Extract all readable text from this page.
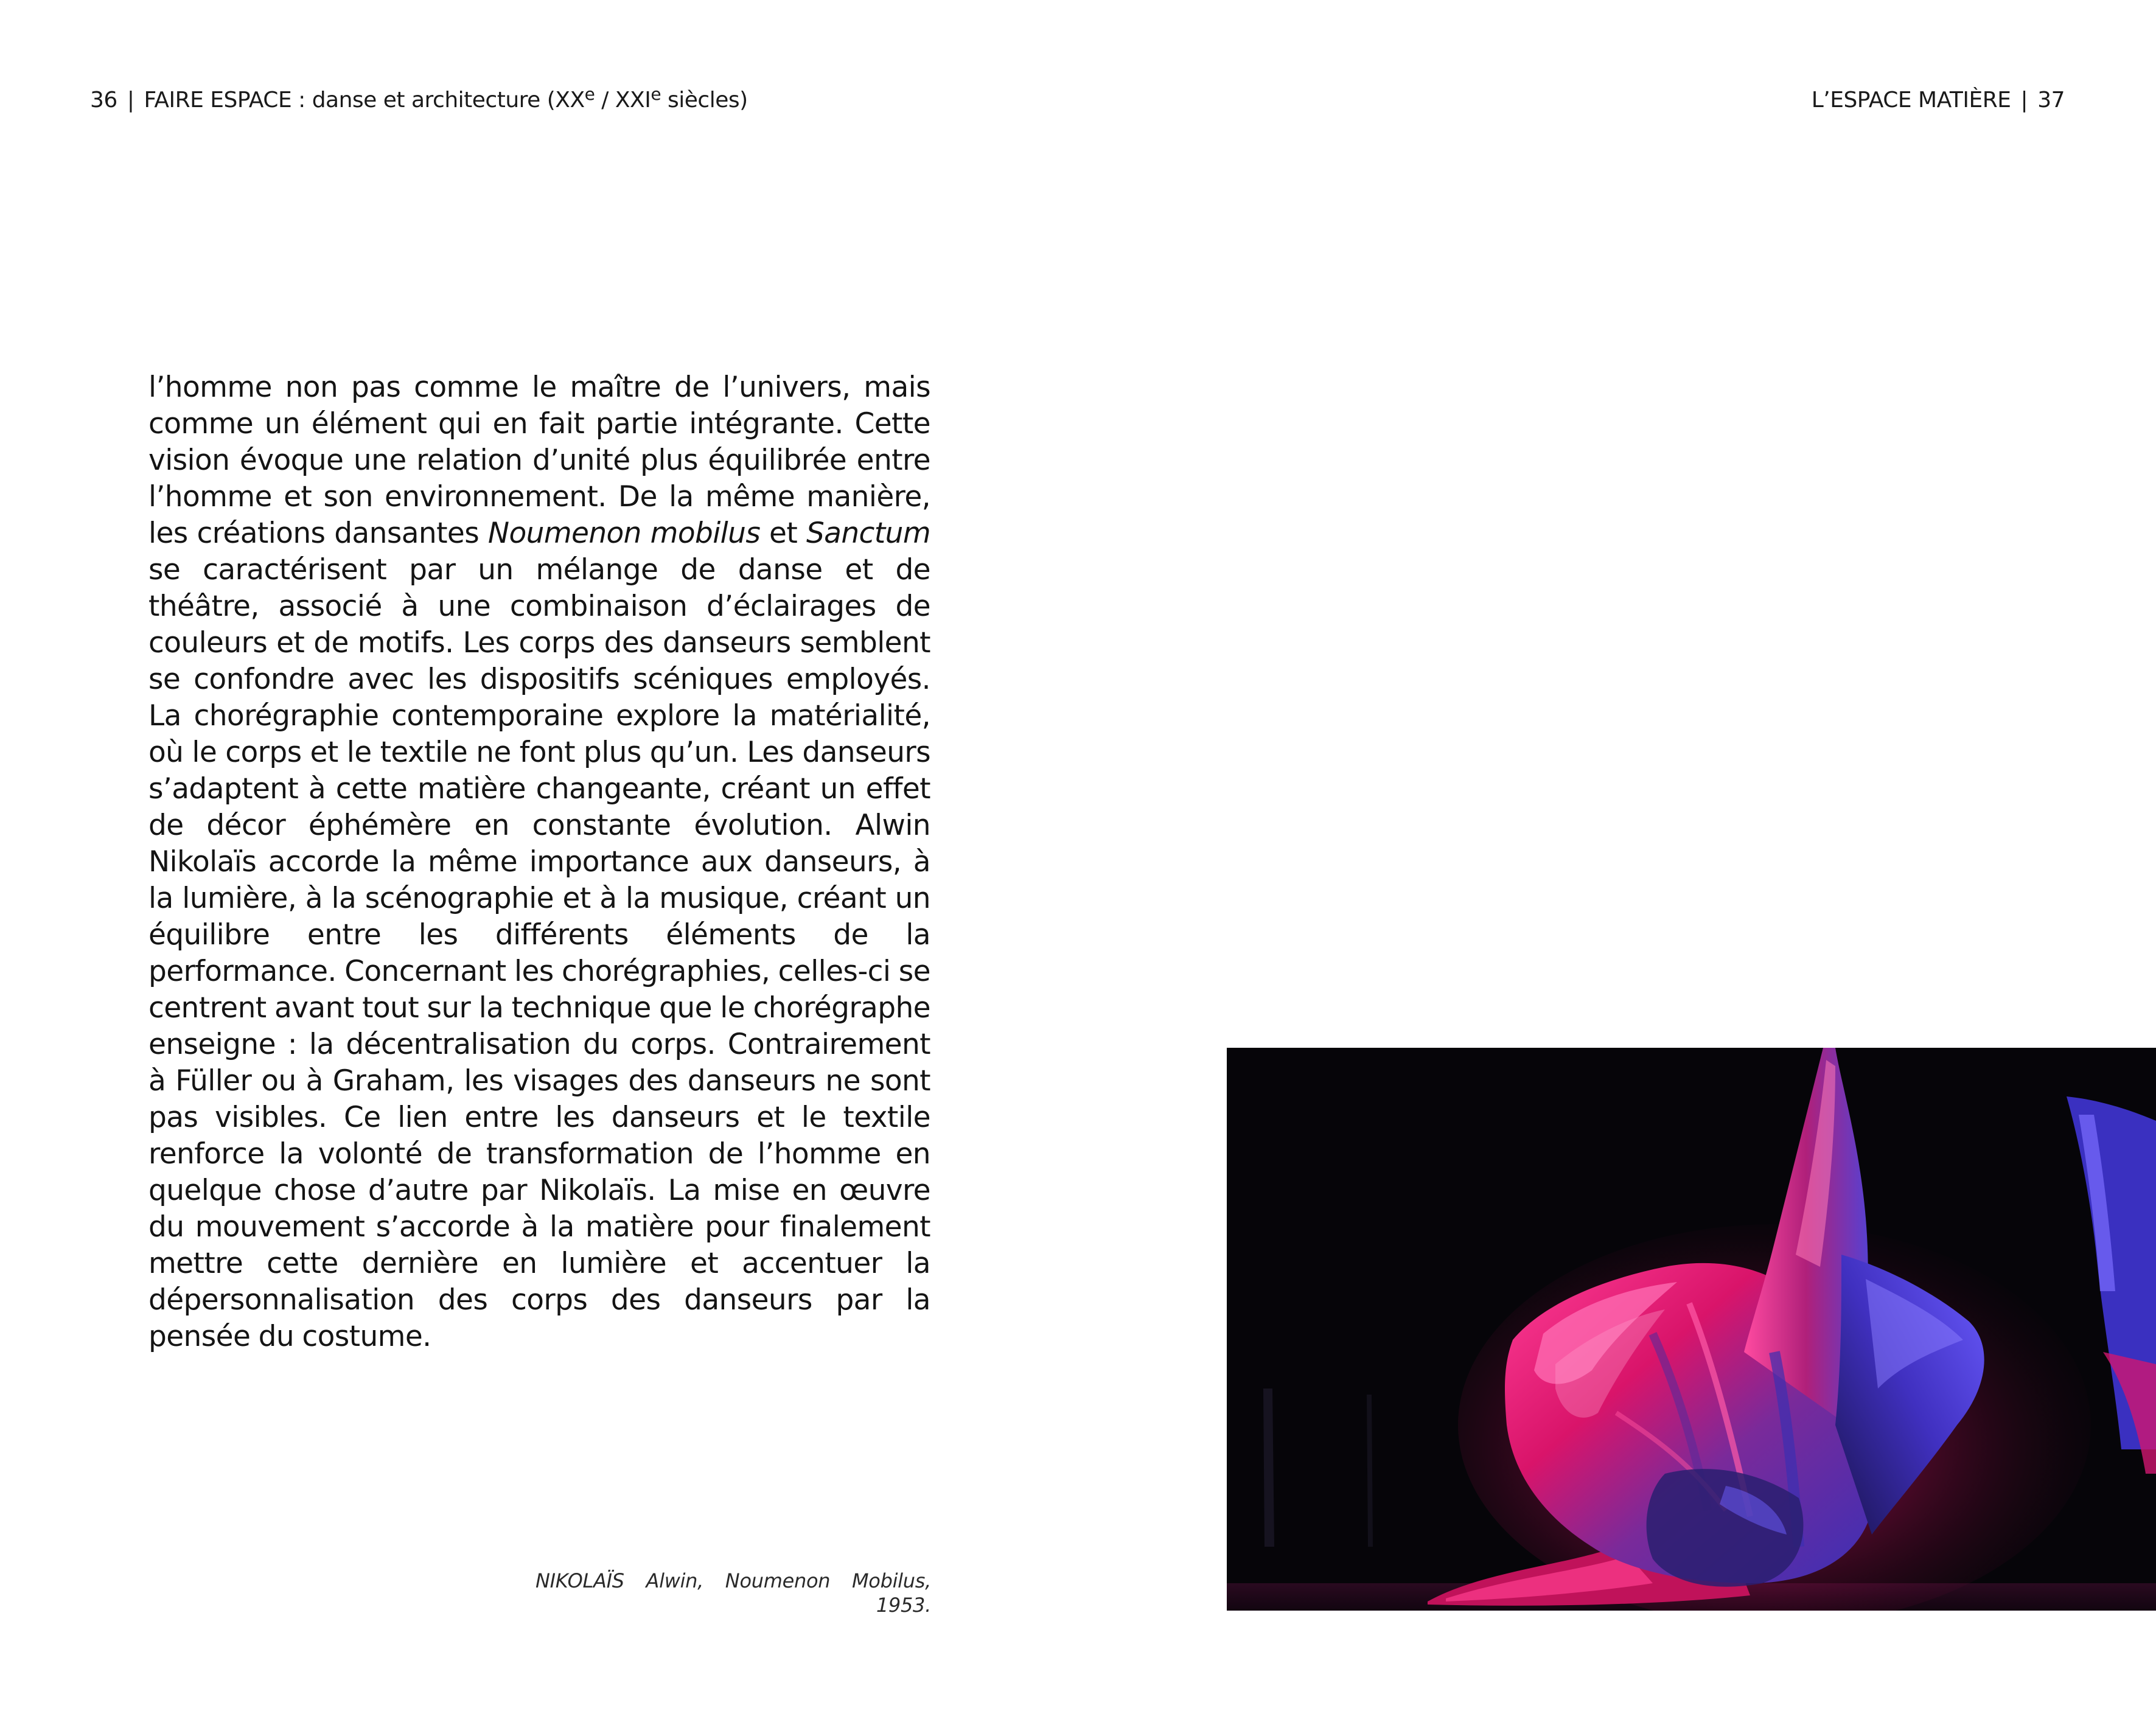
36 | FAIRE ESPACE : danse et architecture (XXe / XXIe siècles)	L’ESPACE MATIÈRE | 37

l’homme non pas comme le maître de l’univers, mais comme un élément qui en fait partie intégrante. Cette vision évoque une relation d’unité plus équilibrée entre l’homme et son environnement. De la même manière, les créations dansantes Noumenon mobilus et Sanctum se caractérisent par un mélange de danse et de théâtre, associé à une combinaison d’éclairages de couleurs et de motifs. Les corps des danseurs semblent se confondre avec les dispositifs scéniques employés. La chorégraphie contemporaine explore la matérialité, où le corps et le textile ne font plus qu’un. Les danseurs s’adaptent à cette matière changeante, créant un effet de décor éphémère en constante évolution. Alwin Nikolaïs accorde la même importance aux danseurs, à la lumière, à la scénographie et à la musique, créant un équilibre entre les différents éléments de la performance. Concernant les chorégraphies, celles-ci se centrent avant tout sur la technique que le chorégraphe enseigne : la décentralisation du corps. Contrairement à Füller ou à Graham, les visages des danseurs ne sont pas visibles. Ce lien entre les danseurs et le textile renforce la volonté de transformation de l’homme en quelque chose d’autre par Nikolaïs. La mise en œuvre du mouvement s’accorde à la matière pour finalement mettre cette dernière en lumière et accentuer la dépersonnalisation des corps des danseurs par la pensée du costume.

NIKOLAÏS Alwin, Noumenon Mobilus, 1953.
